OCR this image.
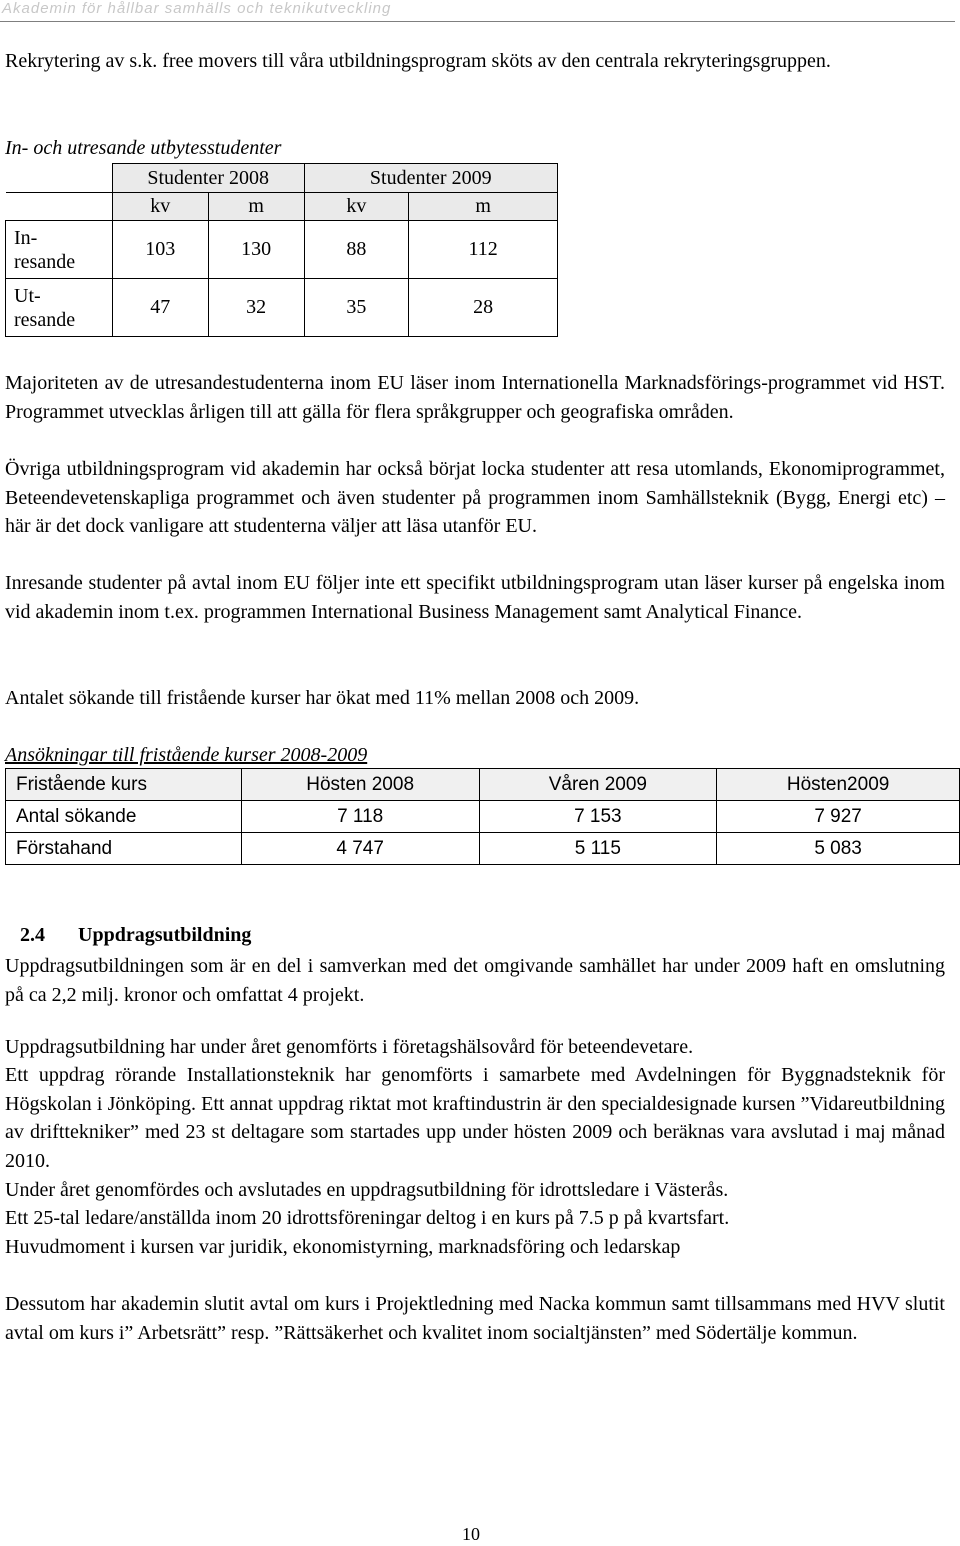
Akademin för hållbar samhälls och teknikutveckling

Rekrytering av s.k. free movers till våra utbildningsprogram sköts av den centrala rekryteringsgruppen.

In- och utresande utbytesstudenter
	Studenter 2008		Studenter 2009	
	kv	m	kv	m
In-
resande	103	130	88	112
Ut-
resande	47	32	35	28

Majoriteten av de utresandestudenterna inom EU läser inom Internationella Marknadsförings-programmet vid HST. Programmet utvecklas årligen till att gälla för flera språkgrupper och geografiska områden.

Övriga utbildningsprogram vid akademin har också börjat locka studenter att resa utomlands, Ekonomiprogrammet, Beteendevetenskapliga programmet och även studenter på programmen inom Samhällsteknik (Bygg, Energi etc) – här är det dock vanligare att studenterna väljer att läsa utanför EU.

Inresande studenter på avtal inom EU följer inte ett specifikt utbildningsprogram utan läser kurser på engelska inom vid akademin inom t.ex. programmen International Business Management samt Analytical Finance.

Antalet sökande till fristående kurser har ökat med 11% mellan 2008 och 2009.

Ansökningar till fristående kurser 2008-2009
Fristående kurs	Hösten 2008	Våren 2009	Hösten2009
Antal sökande	7 118	7 153	7 927
Förstahand	4 747	5 115	5 083
2.4 Uppdragsutbildning

Uppdragsutbildningen som är en del i samverkan med det omgivande samhället har under 2009 haft en omslutning på ca 2,2 milj. kronor och omfattat 4 projekt.

Uppdragsutbildning har under året genomförts i företagshälsovård för beteendevetare.

Ett uppdrag rörande Installationsteknik har genomförts i samarbete med Avdelningen för Byggnadsteknik för Högskolan i Jönköping. Ett annat uppdrag riktat mot kraftindustrin är den specialdesignade kursen ”Vidareutbildning av drifttekniker” med 23 st deltagare som startades upp under hösten 2009 och beräknas vara avslutad i maj månad 2010.

Under året genomfördes och avslutades en uppdragsutbildning för idrottsledare i Västerås.

Ett 25-tal ledare/anställda inom 20 idrottsföreningar deltog i en kurs på 7.5 p på kvartsfart.

Huvudmoment i kursen var juridik, ekonomistyrning, marknadsföring och ledarskap

Dessutom har akademin slutit avtal om kurs i Projektledning med Nacka kommun samt tillsammans med HVV slutit avtal om kurs i” Arbetsrätt” resp. ”Rättsäkerhet och kvalitet inom socialtjänsten” med Södertälje kommun.

10
